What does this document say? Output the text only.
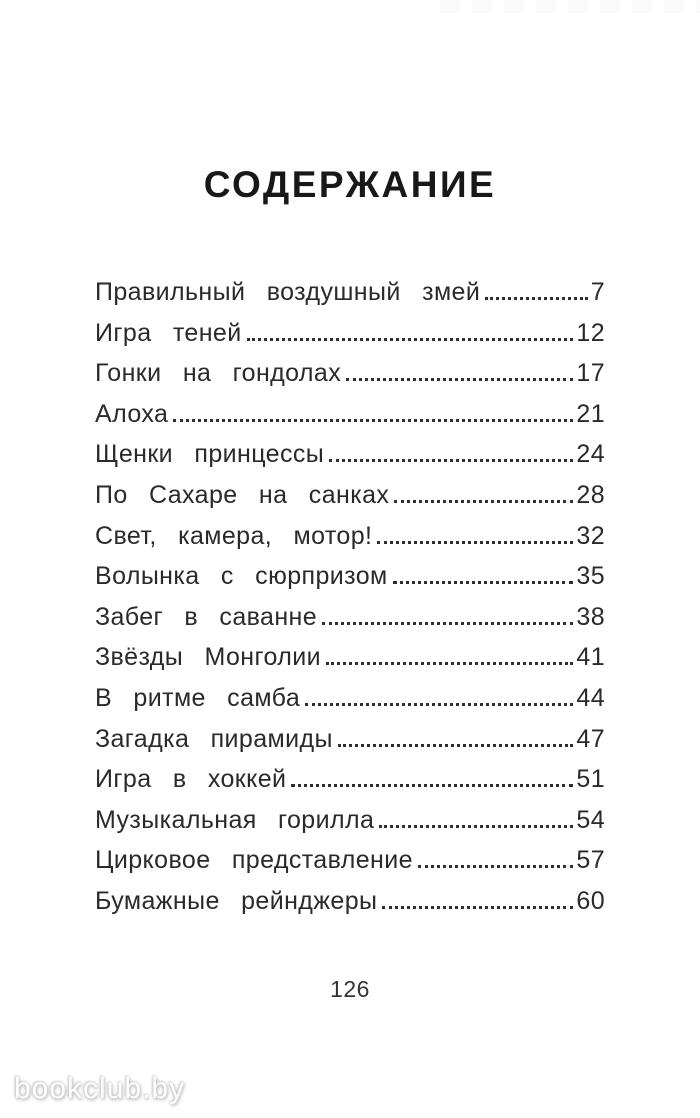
СОДЕРЖАНИЕ
Правильный воздушный змей	7
Игра теней	12
Гонки на гондолах	17
Алоха	21
Щенки принцессы	24
По Сахаре на санках	28
Свет, камера, мотор!	32
Волынка с сюрпризом	35
Забег в саванне	38
Звёзды Монголии	41
В ритме самба	44
Загадка пирамиды	47
Игра в хоккей	51
Музыкальная горилла	54
Цирковое представление	57
Бумажные рейнджеры	60
126
bookclub.by
